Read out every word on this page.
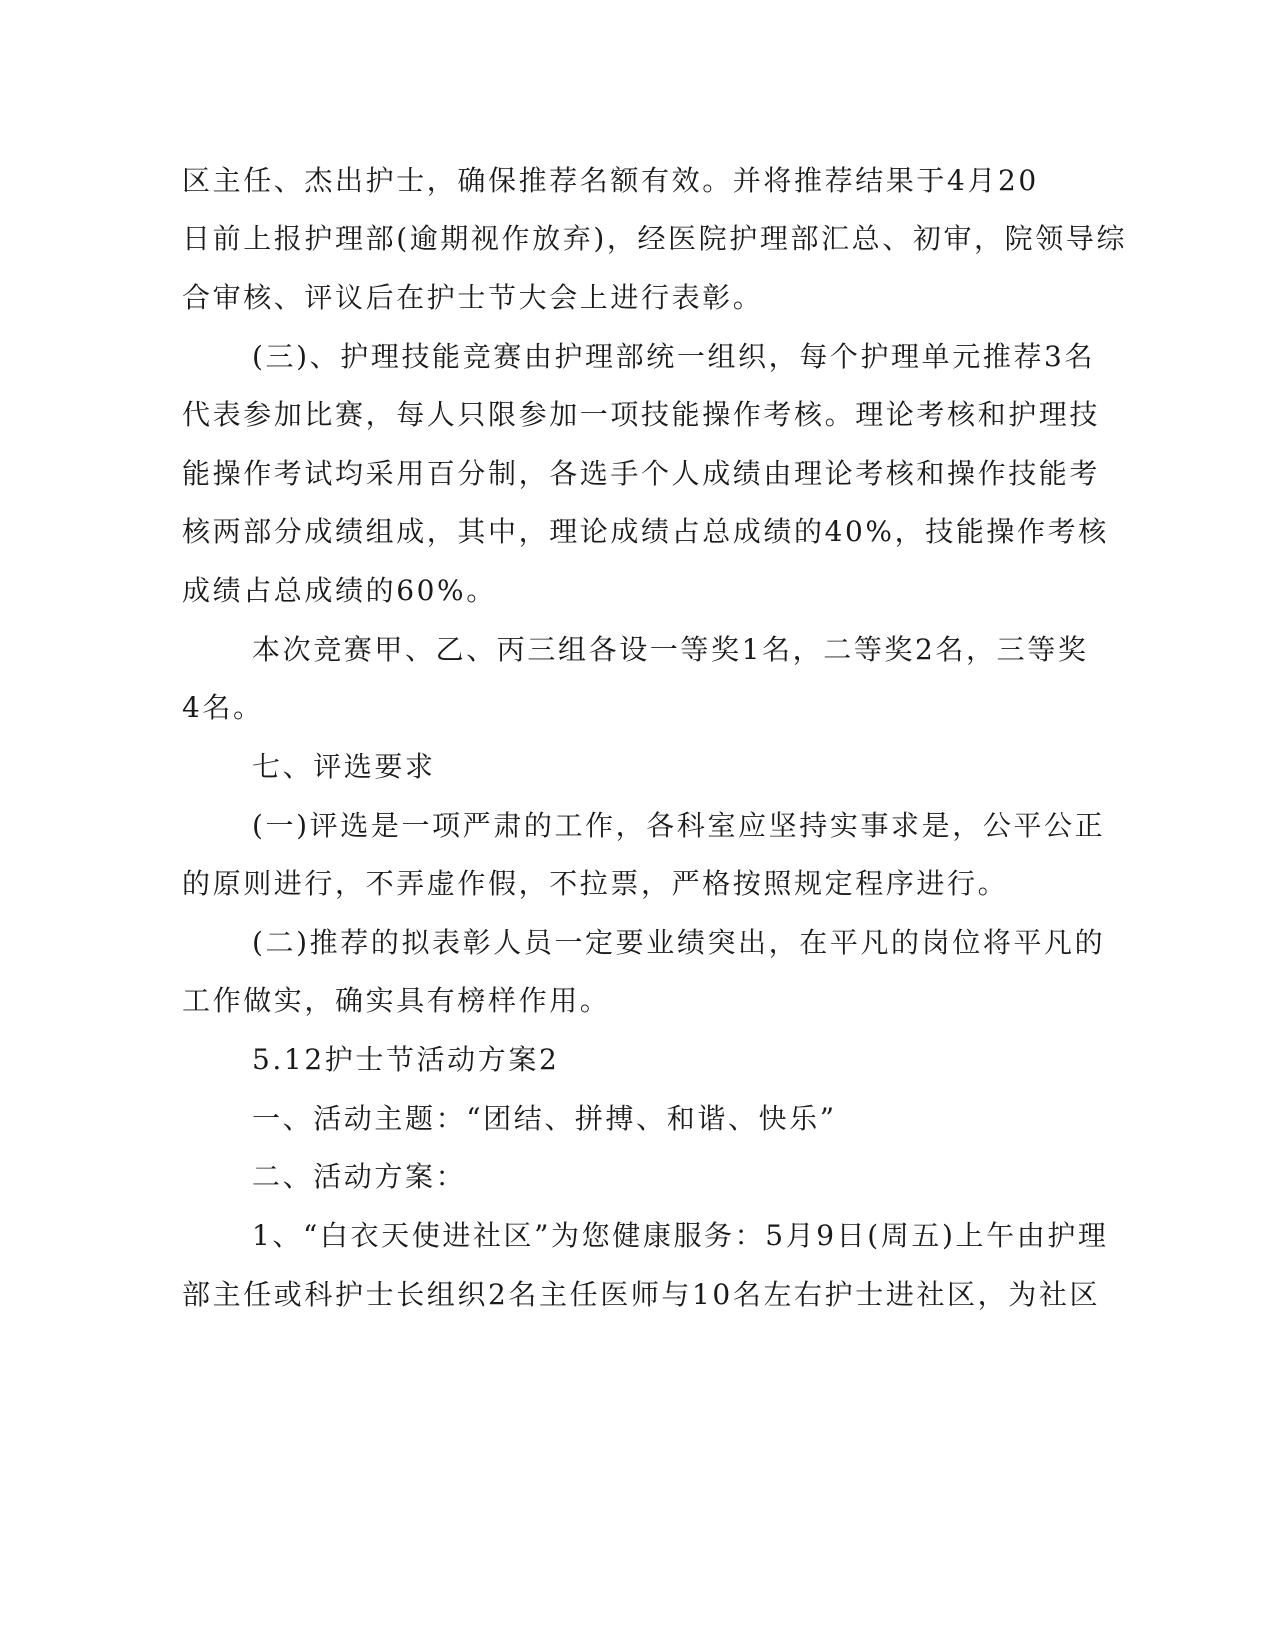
区主任、杰出护士，确保推荐名额有效。并将推荐结果于4月20
日前上报护理部(逾期视作放弃)，经医院护理部汇总、初审，院领导综
合审核、评议后在护士节大会上进行表彰。
(三)、护理技能竞赛由护理部统一组织，每个护理单元推荐3名
代表参加比赛，每人只限参加一项技能操作考核。理论考核和护理技
能操作考试均采用百分制，各选手个人成绩由理论考核和操作技能考
核两部分成绩组成，其中，理论成绩占总成绩的40%，技能操作考核
成绩占总成绩的60%。
本次竞赛甲、乙、丙三组各设一等奖1名，二等奖2名，三等奖
4名。
七、评选要求
(一)评选是一项严肃的工作，各科室应坚持实事求是，公平公正
的原则进行，不弄虚作假，不拉票，严格按照规定程序进行。
(二)推荐的拟表彰人员一定要业绩突出，在平凡的岗位将平凡的
工作做实，确实具有榜样作用。
5.12护士节活动方案2
一、活动主题：“团结、拼搏、和谐、快乐”
二、活动方案：
1、“白衣天使进社区”为您健康服务：5月9日(周五)上午由护理
部主任或科护士长组织2名主任医师与10名左右护士进社区，为社区
